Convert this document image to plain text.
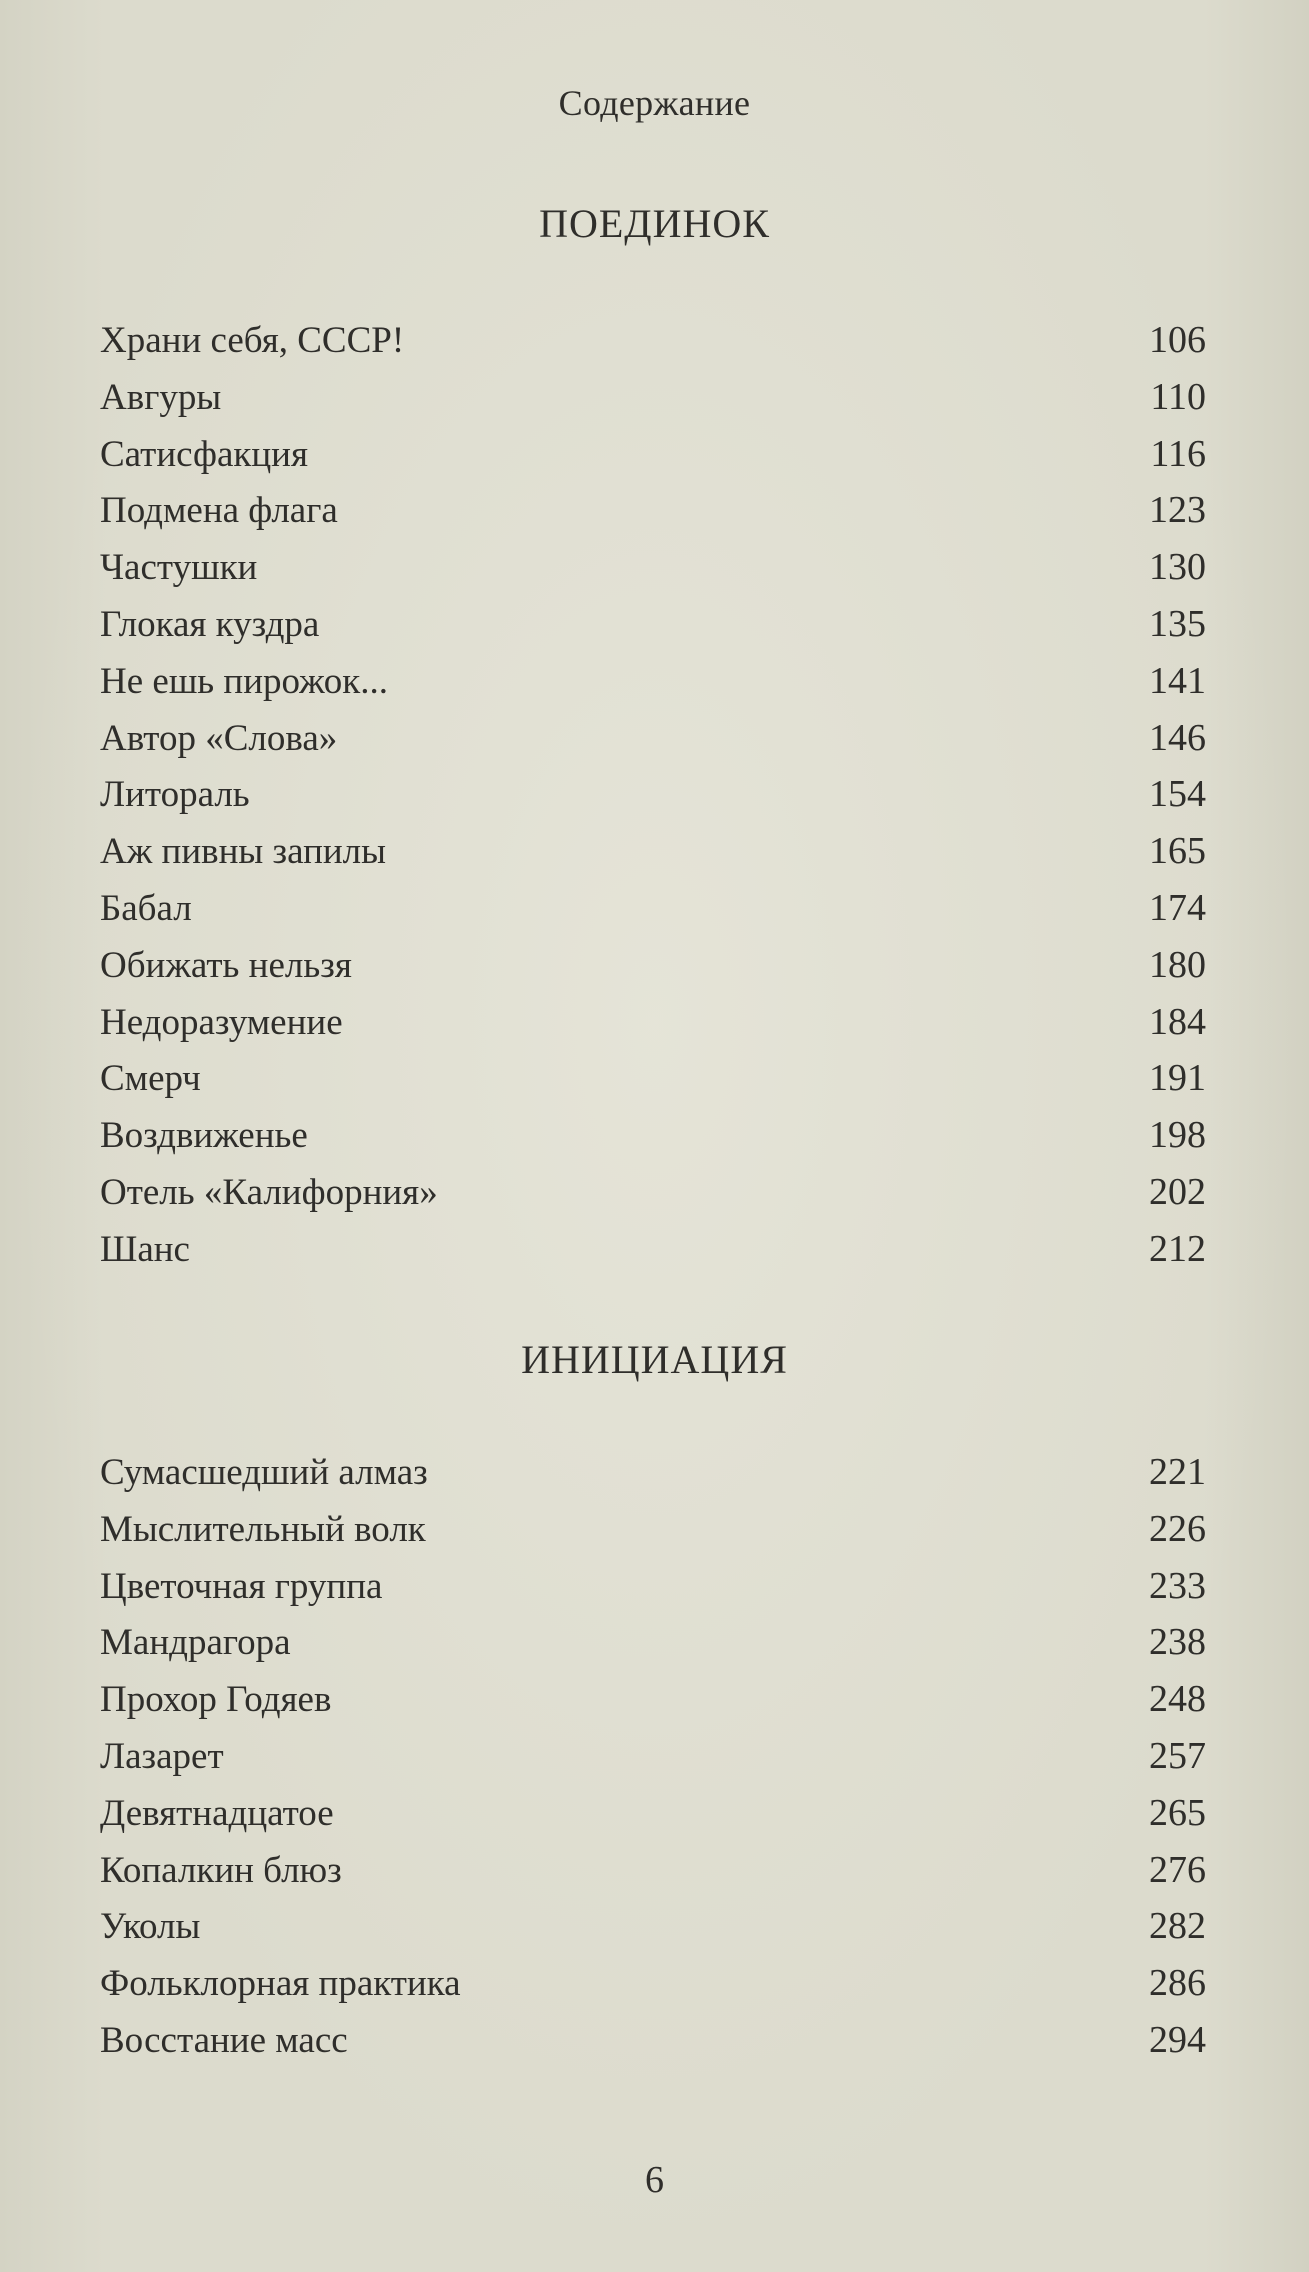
Содержание
ПОЕДИНОК
Храни себя, СССР!	106
Авгуры	110
Сатисфакция	116
Подмена флага	123
Частушки	130
Глокая куздра	135
Не ешь пирожок...	141
Автор «Слова»	146
Литораль	154
Аж пивны запилы	165
Бабал	174
Обижать нельзя	180
Недоразумение	184
Смерч	191
Воздвиженье	198
Отель «Калифорния»	202
Шанс	212
ИНИЦИАЦИЯ
Сумасшедший алмаз	221
Мыслительный волк	226
Цветочная группа	233
Мандрагора	238
Прохор Годяев	248
Лазарет	257
Девятнадцатое	265
Копалкин блюз	276
Уколы	282
Фольклорная практика	286
Восстание масс	294
6
